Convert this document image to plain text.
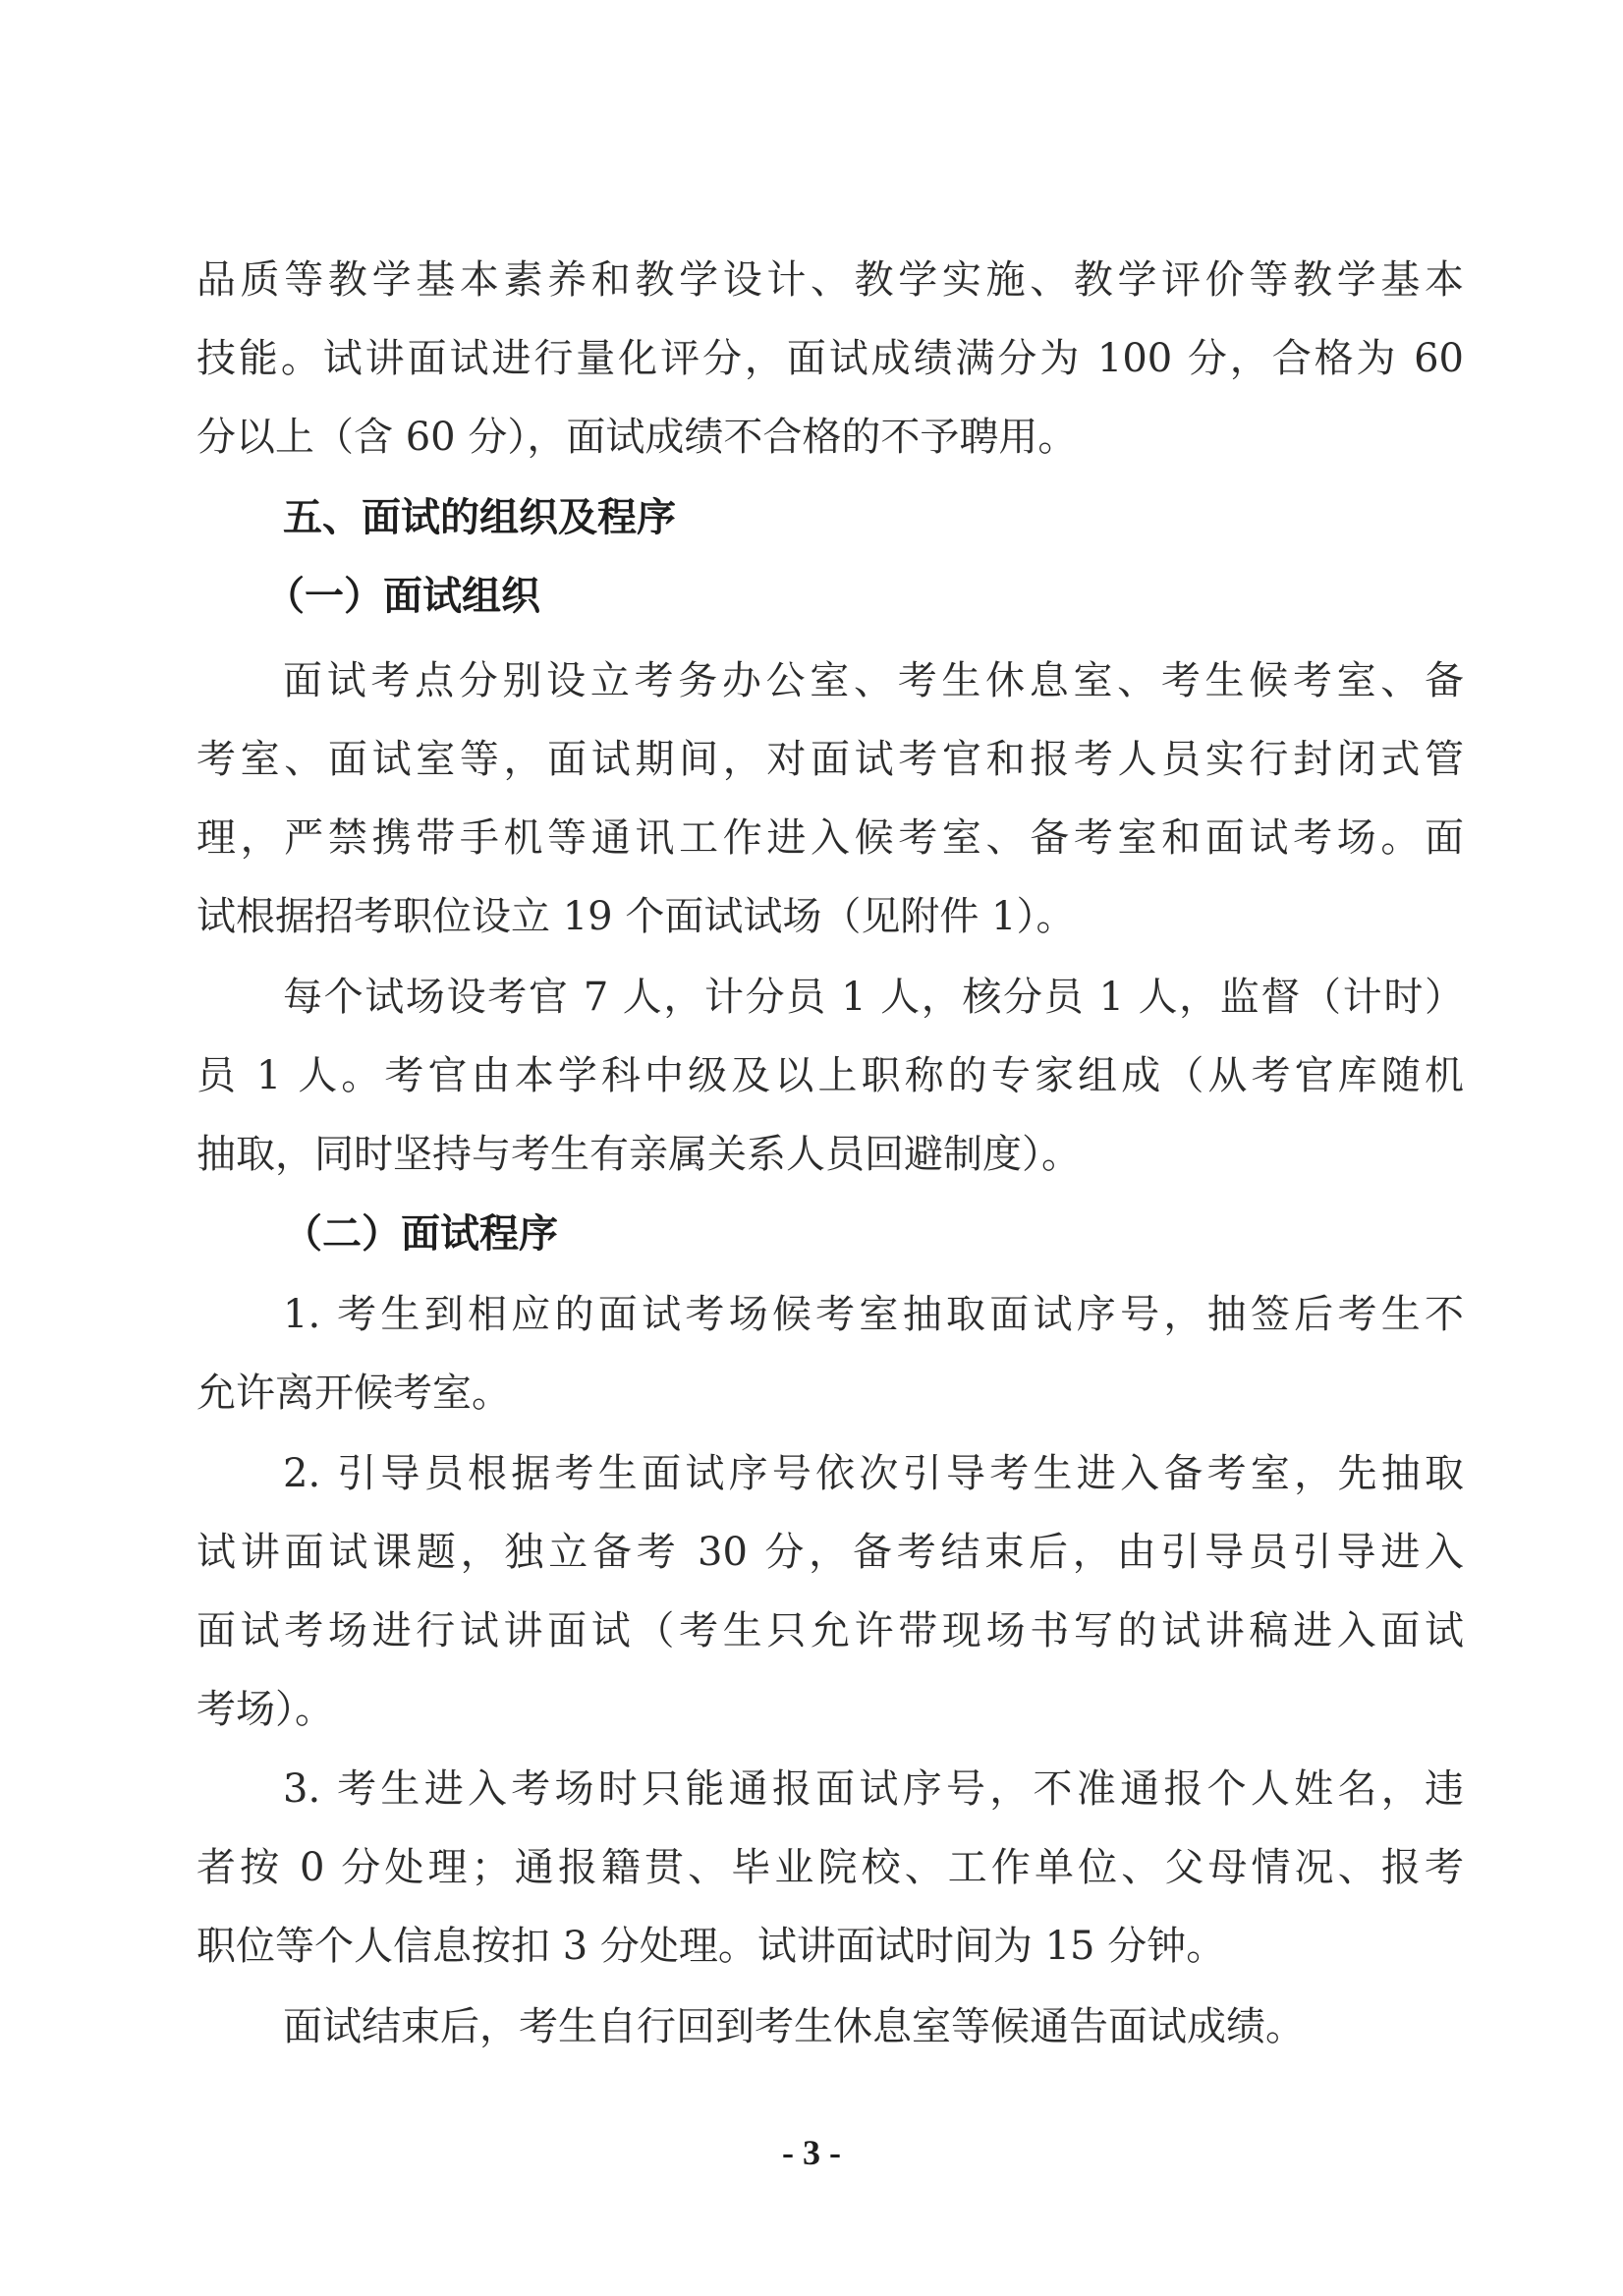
品质等教学基本素养和教学设计、教学实施、教学评价等教学基本

技能。试讲面试进行量化评分，面试成绩满分为 100 分，合格为 60

分以上（含 60 分），面试成绩不合格的不予聘用。

五、面试的组织及程序

（一）面试组织

面试考点分别设立考务办公室、考生休息室、考生候考室、备

考室、面试室等，面试期间，对面试考官和报考人员实行封闭式管

理，严禁携带手机等通讯工作进入候考室、备考室和面试考场。面

试根据招考职位设立 19 个面试试场（见附件 1）。

每个试场设考官 7 人，计分员 1 人，核分员 1 人，监督（计时）

员 1 人。考官由本学科中级及以上职称的专家组成（从考官库随机

抽取，同时坚持与考生有亲属关系人员回避制度）。

（二）面试程序

1. 考生到相应的面试考场候考室抽取面试序号，抽签后考生不

允许离开候考室。

2. 引导员根据考生面试序号依次引导考生进入备考室，先抽取

试讲面试课题，独立备考 30 分，备考结束后，由引导员引导进入

面试考场进行试讲面试（考生只允许带现场书写的试讲稿进入面试

考场）。

3. 考生进入考场时只能通报面试序号，不准通报个人姓名，违

者按 0 分处理；通报籍贯、毕业院校、工作单位、父母情况、报考

职位等个人信息按扣 3 分处理。试讲面试时间为 15 分钟。

面试结束后，考生自行回到考生休息室等候通告面试成绩。

- 3 -
